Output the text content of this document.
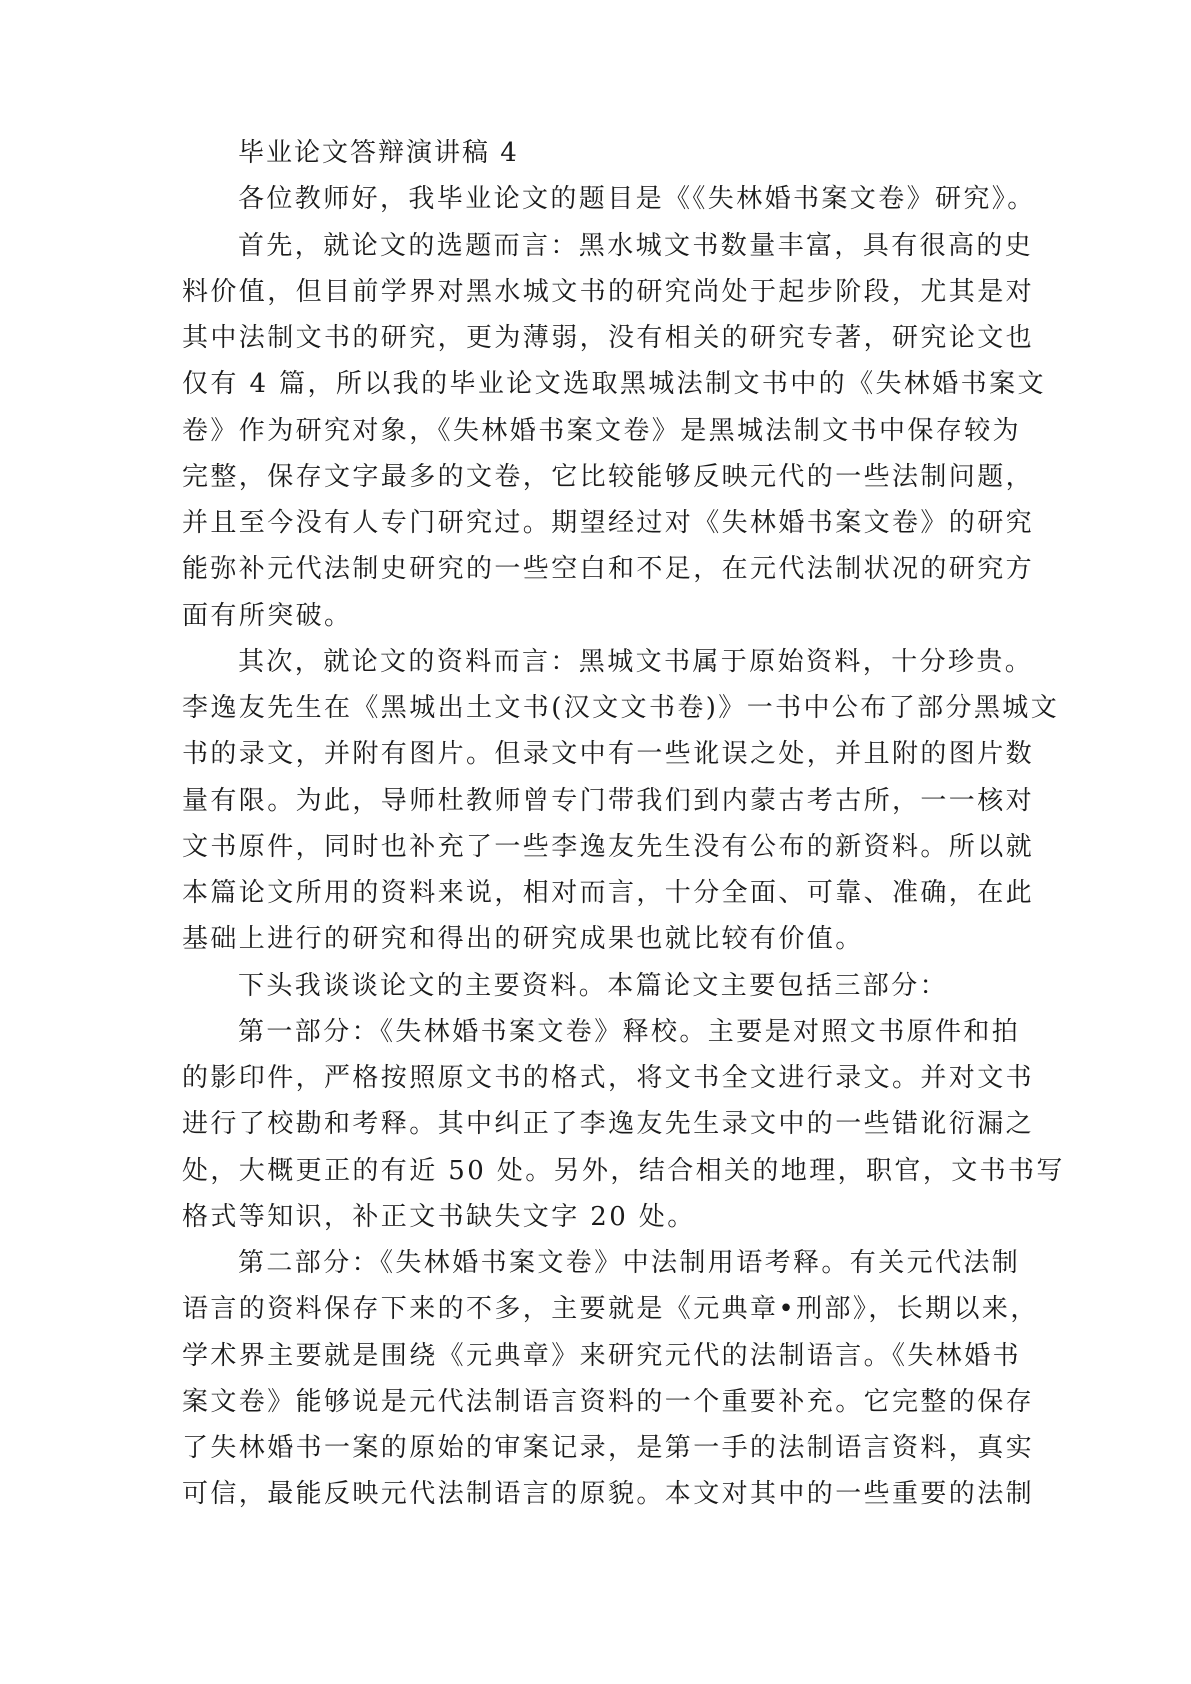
毕业论文答辩演讲稿 4
各位教师好，我毕业论文的题目是《《失林婚书案文卷》研究》。
首先，就论文的选题而言：黑水城文书数量丰富，具有很高的史
料价值，但目前学界对黑水城文书的研究尚处于起步阶段，尤其是对
其中法制文书的研究，更为薄弱，没有相关的研究专著，研究论文也
仅有 4 篇，所以我的毕业论文选取黑城法制文书中的《失林婚书案文
卷》作为研究对象，《失林婚书案文卷》是黑城法制文书中保存较为
完整，保存文字最多的文卷，它比较能够反映元代的一些法制问题，
并且至今没有人专门研究过。期望经过对《失林婚书案文卷》的研究
能弥补元代法制史研究的一些空白和不足，在元代法制状况的研究方
面有所突破。
其次，就论文的资料而言：黑城文书属于原始资料，十分珍贵。
李逸友先生在《黑城出土文书(汉文文书卷)》一书中公布了部分黑城文
书的录文，并附有图片。但录文中有一些讹误之处，并且附的图片数
量有限。为此，导师杜教师曾专门带我们到内蒙古考古所，一一核对
文书原件，同时也补充了一些李逸友先生没有公布的新资料。所以就
本篇论文所用的资料来说，相对而言，十分全面、可靠、准确，在此
基础上进行的研究和得出的研究成果也就比较有价值。
下头我谈谈论文的主要资料。本篇论文主要包括三部分：
第一部分：《失林婚书案文卷》释校。主要是对照文书原件和拍
的影印件，严格按照原文书的格式，将文书全文进行录文。并对文书
进行了校勘和考释。其中纠正了李逸友先生录文中的一些错讹衍漏之
处，大概更正的有近 50 处。另外，结合相关的地理，职官，文书书写
格式等知识，补正文书缺失文字 20 处。
第二部分：《失林婚书案文卷》中法制用语考释。有关元代法制
语言的资料保存下来的不多，主要就是《元典章•刑部》，长期以来，
学术界主要就是围绕《元典章》来研究元代的法制语言。《失林婚书
案文卷》能够说是元代法制语言资料的一个重要补充。它完整的保存
了失林婚书一案的原始的审案记录，是第一手的法制语言资料，真实
可信，最能反映元代法制语言的原貌。本文对其中的一些重要的法制
